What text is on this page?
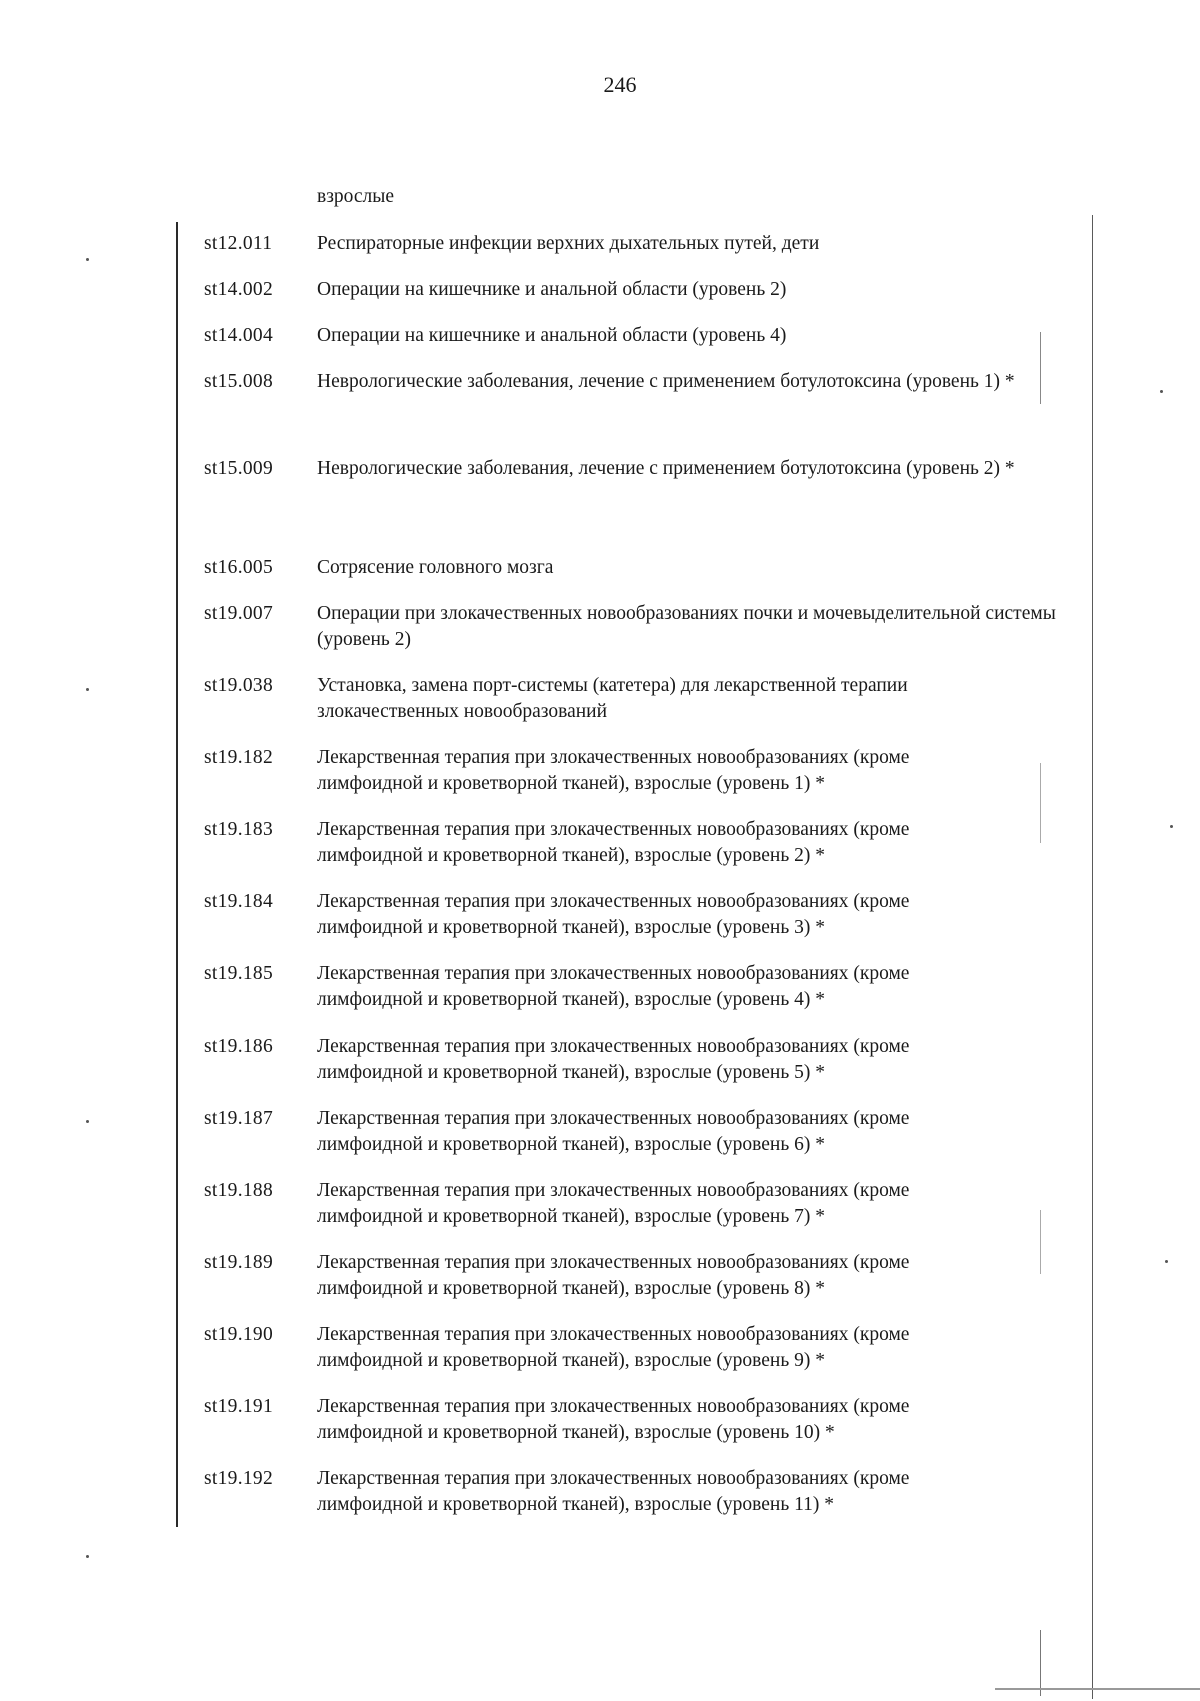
246
взрослые
st12.011	Респираторные инфекции верхних дыхательных путей, дети
st14.002	Операции на кишечнике и анальной области (уровень 2)
st14.004	Операции на кишечнике и анальной области (уровень 4)
st15.008	Неврологические заболевания, лечение с применением ботулотоксина (уровень 1) *
st15.009	Неврологические заболевания, лечение с применением ботулотоксина (уровень 2) *
st16.005	Сотрясение головного мозга
st19.007	Операции при злокачественных новообразованиях почки и мочевыделительной системы (уровень 2)
st19.038	Установка, замена порт-системы (катетера) для лекарственной терапии злокачественных новообразований
st19.182	Лекарственная терапия при злокачественных новообразованиях (кроме лимфоидной и кроветворной тканей), взрослые (уровень 1) *
st19.183	Лекарственная терапия при злокачественных новообразованиях (кроме лимфоидной и кроветворной тканей), взрослые (уровень 2) *
st19.184	Лекарственная терапия при злокачественных новообразованиях (кроме лимфоидной и кроветворной тканей), взрослые (уровень 3) *
st19.185	Лекарственная терапия при злокачественных новообразованиях (кроме лимфоидной и кроветворной тканей), взрослые (уровень 4) *
st19.186	Лекарственная терапия при злокачественных новообразованиях (кроме лимфоидной и кроветворной тканей), взрослые (уровень 5) *
st19.187	Лекарственная терапия при злокачественных новообразованиях (кроме лимфоидной и кроветворной тканей), взрослые (уровень 6) *
st19.188	Лекарственная терапия при злокачественных новообразованиях (кроме лимфоидной и кроветворной тканей), взрослые (уровень 7) *
st19.189	Лекарственная терапия при злокачественных новообразованиях (кроме лимфоидной и кроветворной тканей), взрослые (уровень 8) *
st19.190	Лекарственная терапия при злокачественных новообразованиях (кроме лимфоидной и кроветворной тканей), взрослые (уровень 9) *
st19.191	Лекарственная терапия при злокачественных новообразованиях (кроме лимфоидной и кроветворной тканей), взрослые (уровень 10) *
st19.192	Лекарственная терапия при злокачественных новообразованиях (кроме лимфоидной и кроветворной тканей), взрослые (уровень 11) *
